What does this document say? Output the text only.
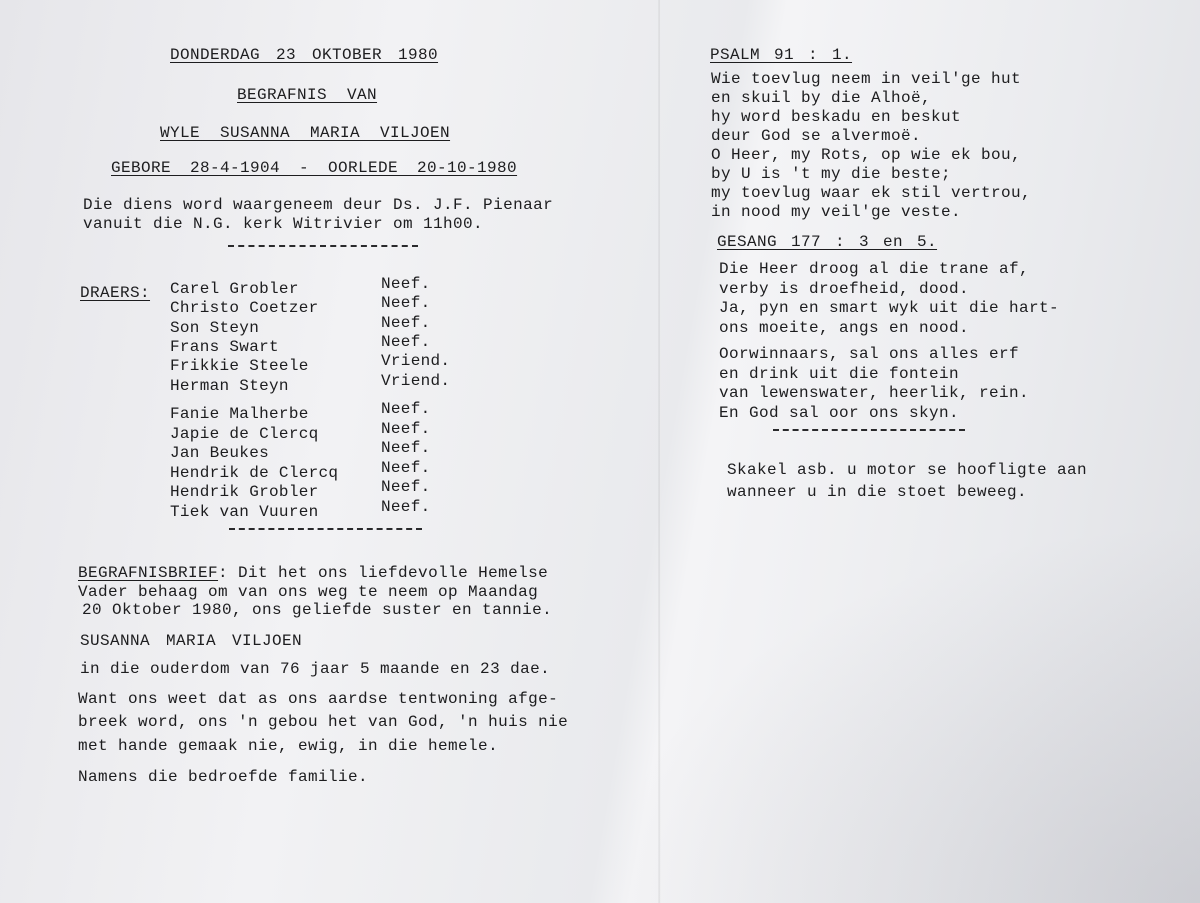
DONDERDAG 23 OKTOBER 1980
BEGRAFNIS VAN
WYLE SUSANNA MARIA VILJOEN
GEBORE 28-4-1904 - OORLEDE 20-10-1980
Die diens word waargeneem deur Ds. J.F. Pienaar
vanuit die N.G. kerk Witrivier om 11h00.
DRAERS: Carel Grobler	Neef.
Christo Coetzer	Neef.
Son Steyn	Neef.
Frans Swart	Neef.
Frikkie Steele	Vriend.
Herman Steyn	Vriend.
Fanie Malherbe	Neef.
Japie de Clercq	Neef.
Jan Beukes	Neef.
Hendrik de Clercq	Neef.
Hendrik Grobler	Neef.
Tiek van Vuuren	Neef.
BEGRAFNISBRIEF: Dit het ons liefdevolle Hemelse
Vader behaag om van ons weg te neem op Maandag
20 Oktober 1980, ons geliefde suster en tannie.
SUSANNA MARIA VILJOEN
in die ouderdom van 76 jaar 5 maande en 23 dae.
Want ons weet dat as ons aardse tentwoning afge-
breek word, ons 'n gebou het van God, 'n huis nie
met hande gemaak nie, ewig, in die hemele.
Namens die bedroefde familie.
PSALM 91 : 1.
Wie toevlug neem in veil'ge hut
en skuil by die Alhoë,
hy word beskadu en beskut
deur God se alvermoë.
O Heer, my Rots, op wie ek bou,
by U is 't my die beste;
my toevlug waar ek stil vertrou,
in nood my veil'ge veste.
GESANG 177 : 3 en 5.
Die Heer droog al die trane af,
verby is droefheid, dood.
Ja, pyn en smart wyk uit die hart-
ons moeite, angs en nood.
Oorwinnaars, sal ons alles erf
en drink uit die fontein
van lewenswater, heerlik, rein.
En God sal oor ons skyn.
Skakel asb. u motor se hoofligte aan
wanneer u in die stoet beweeg.
